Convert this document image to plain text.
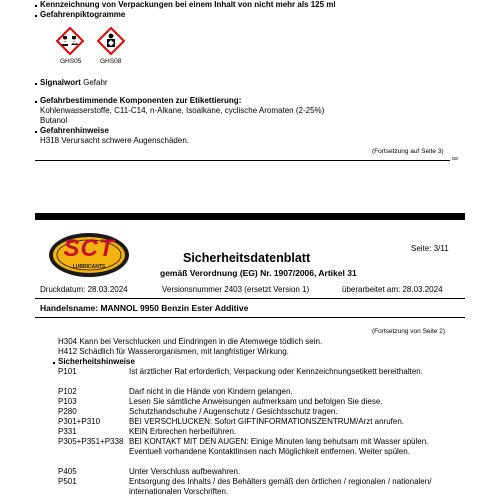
Kennzeichnung von Verpackungen bei einem Inhalt von nicht mehr als 125 ml
Gefahrenpiktogramme
GHS05	GHS08
Signalwort Gefahr
Gefahrbestimmende Komponenten zur Etikettierung:
Kohlenwasserstoffe, C11-C14, n-Alkane, Isoalkane, cyclische Aromaten (2-25%)
Butanol
Gefahrenhinweise
H318 Verursacht schwere Augenschäden.
(Fortsetzung auf Seite 3)
DE
SCT
LUBRICANTS
Sicherheitsdatenblatt
gemäß Verordnung (EG) Nr. 1907/2006, Artikel 31
Seite: 3/11
Druckdatum: 28.03.2024	Versionsnummer 2403 (ersetzt Version 1)	überarbeitet am: 28.03.2024
Handelsname: MANNOL 9950 Benzin Ester Additive
(Fortsetzung von Seite 2)
H304 Kann bei Verschlucken und Eindringen in die Atemwege tödlich sein.
H412 Schädlich für Wasserorganismen, mit langfristiger Wirkung.
Sicherheitshinweise
P101	Ist ärztlicher Rat erforderlich, Verpackung oder Kennzeichnungsetikett bereithalten.
P102	Darf nicht in die Hände von Kindern gelangen.
P103	Lesen Sie sämtliche Anweisungen aufmerksam und befolgen Sie diese.
P280	Schutzhandschuhe / Augenschutz / Gesichtsschutz tragen.
P301+P310	BEI VERSCHLUCKEN: Sofort GIFTINFORMATIONSZENTRUM/Arzt anrufen.
P331	KEIN Erbrechen herbeiführen.
P305+P351+P338 BEI KONTAKT MIT DEN AUGEN: Einige Minuten lang behutsam mit Wasser spülen. Eventuell vorhandene Kontaktlinsen nach Möglichkeit entfernen. Weiter spülen.
P405	Unter Verschluss aufbewahren.
P501	Entsorgung des Inhalts / des Behälters gemäß den örtlichen / regionalen / nationalen/ internationalen Vorschriften.
